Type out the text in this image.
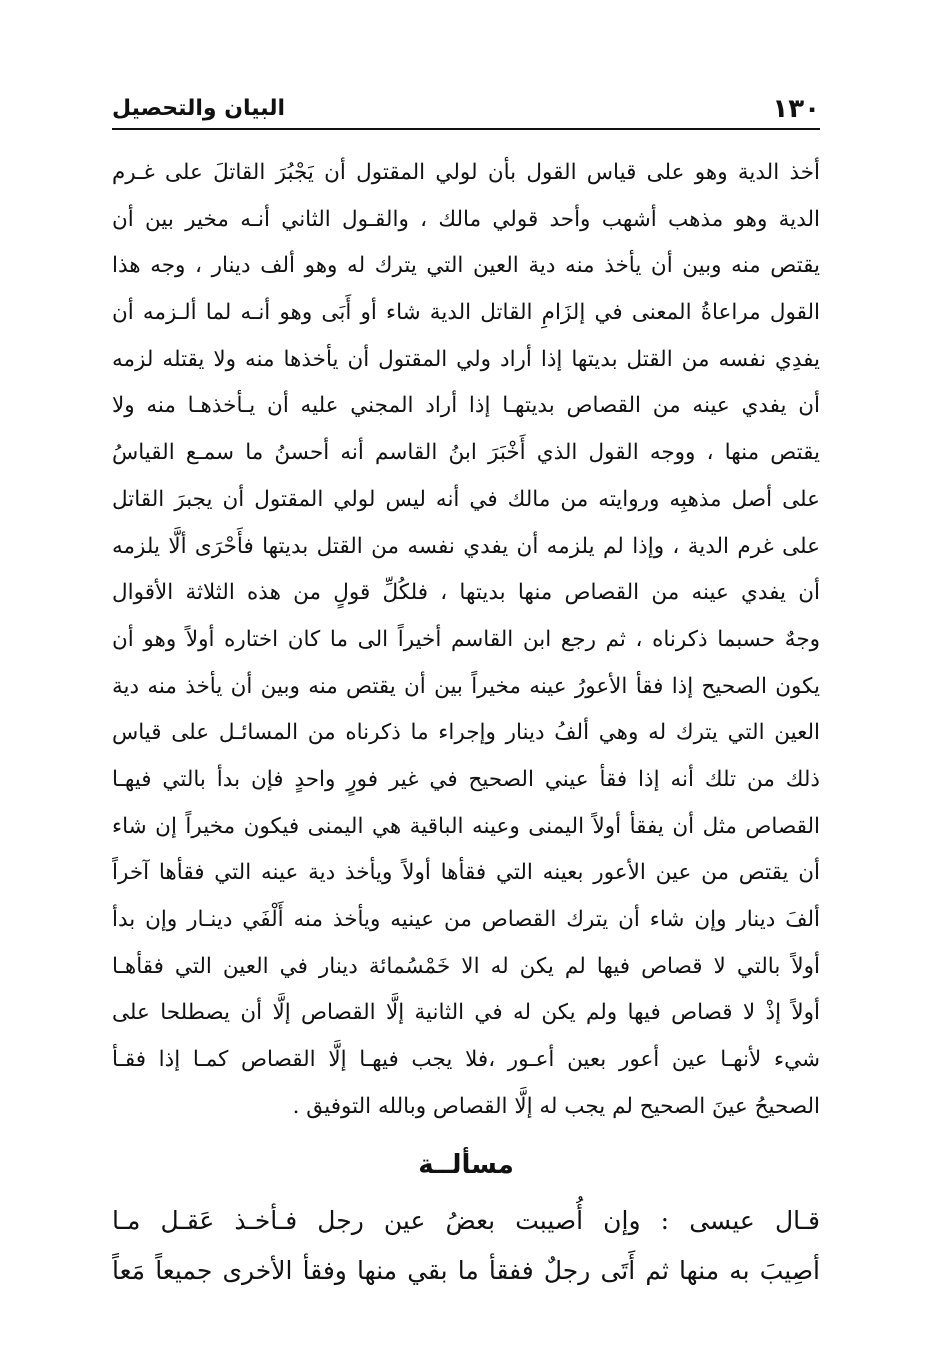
١٣٠
البيان والتحصيل
أخذ الدية وهو على قياس القول بأن لولي المقتول أن يَجْبُرَ القاتلَ على غـرم
الدية وهو مذهب أشهب وأحد قولي مالك ، والقـول الثاني أنـه مخير بين أن
يقتص منه وبين أن يأخذ منه دية العين التي يترك له وهو ألف دينار ، وجه هذا
القول مراعاةُ المعنى في إلزَامِ القاتل الدية شاء أو أَبَى وهو أنـه لما ألـزمه أن
يفدِي نفسه من القتل بديتها إذا أراد ولي المقتول أن يأخذها منه ولا يقتله لزمه
أن يفدي عينه من القصاص بديتهـا إذا أراد المجني عليه أن يـأخذهـا منه ولا
يقتص منها ، ووجه القول الذي أَخْبَرَ ابنُ القاسم أنه أحسنُ ما سمـع القياسُ
على أصل مذهبِه وروايته من مالك في أنه ليس لولي المقتول أن يجبرَ القاتل
على غرم الدية ، وإذا لم يلزمه أن يفدي نفسه من القتل بديتها فأَحْرَى ألَّا يلزمه
أن يفدي عينه من القصاص منها بديتها ، فلكُلِّ قولٍ من هذه الثلاثة الأقوال
وجهٌ حسبما ذكرناه ، ثم رجع ابن القاسم أخيراً الى ما كان اختاره أولاً وهو أن
يكون الصحيح إذا فقأ الأعورُ عينه مخيراً بين أن يقتص منه وبين أن يأخذ منه دية
العين التي يترك له وهي ألفُ دينار وإجراء ما ذكرناه من المسائـل على قياس
ذلك من تلك أنه إذا فقأ عيني الصحيح في غير فورٍ واحدٍ فإن بدأ بالتي فيهـا
القصاص مثل أن يفقأ أولاً اليمنى وعينه الباقية هي اليمنى فيكون مخيراً إن شاء
أن يقتص من عين الأعور بعينه التي فقأها أولاً ويأخذ دية عينه التي فقأها آخراً
ألفَ دينار وإن شاء أن يترك القصاص من عينيه ويأخذ منه أَلْفَي دينـار وإن بدأ
أولاً بالتي لا قصاص فيها لم يكن له الا خَمْسُمائة دينار في العين التي فقأهـا
أولاً إذْ لا قصاص فيها ولم يكن له في الثانية إلَّا القصاص إلَّا أن يصطلحا على
شيء لأنهـا عين أعور بعين أعـور ،فلا يجب فيهـا إلَّا القصاص كمـا إذا فقـأ
الصحيحُ عينَ الصحيح لم يجب له إلَّا القصاص وبالله التوفيق .
مسألــة
قـال عيسى : وإن أُصيبت بعضُ عين رجل فـأخـذ عَقـل مـا
أصِيبَ به منها ثم أَتَى رجلٌ ففقأ ما بقي منها وفقأ الأخرى جميعاً مَعاً
